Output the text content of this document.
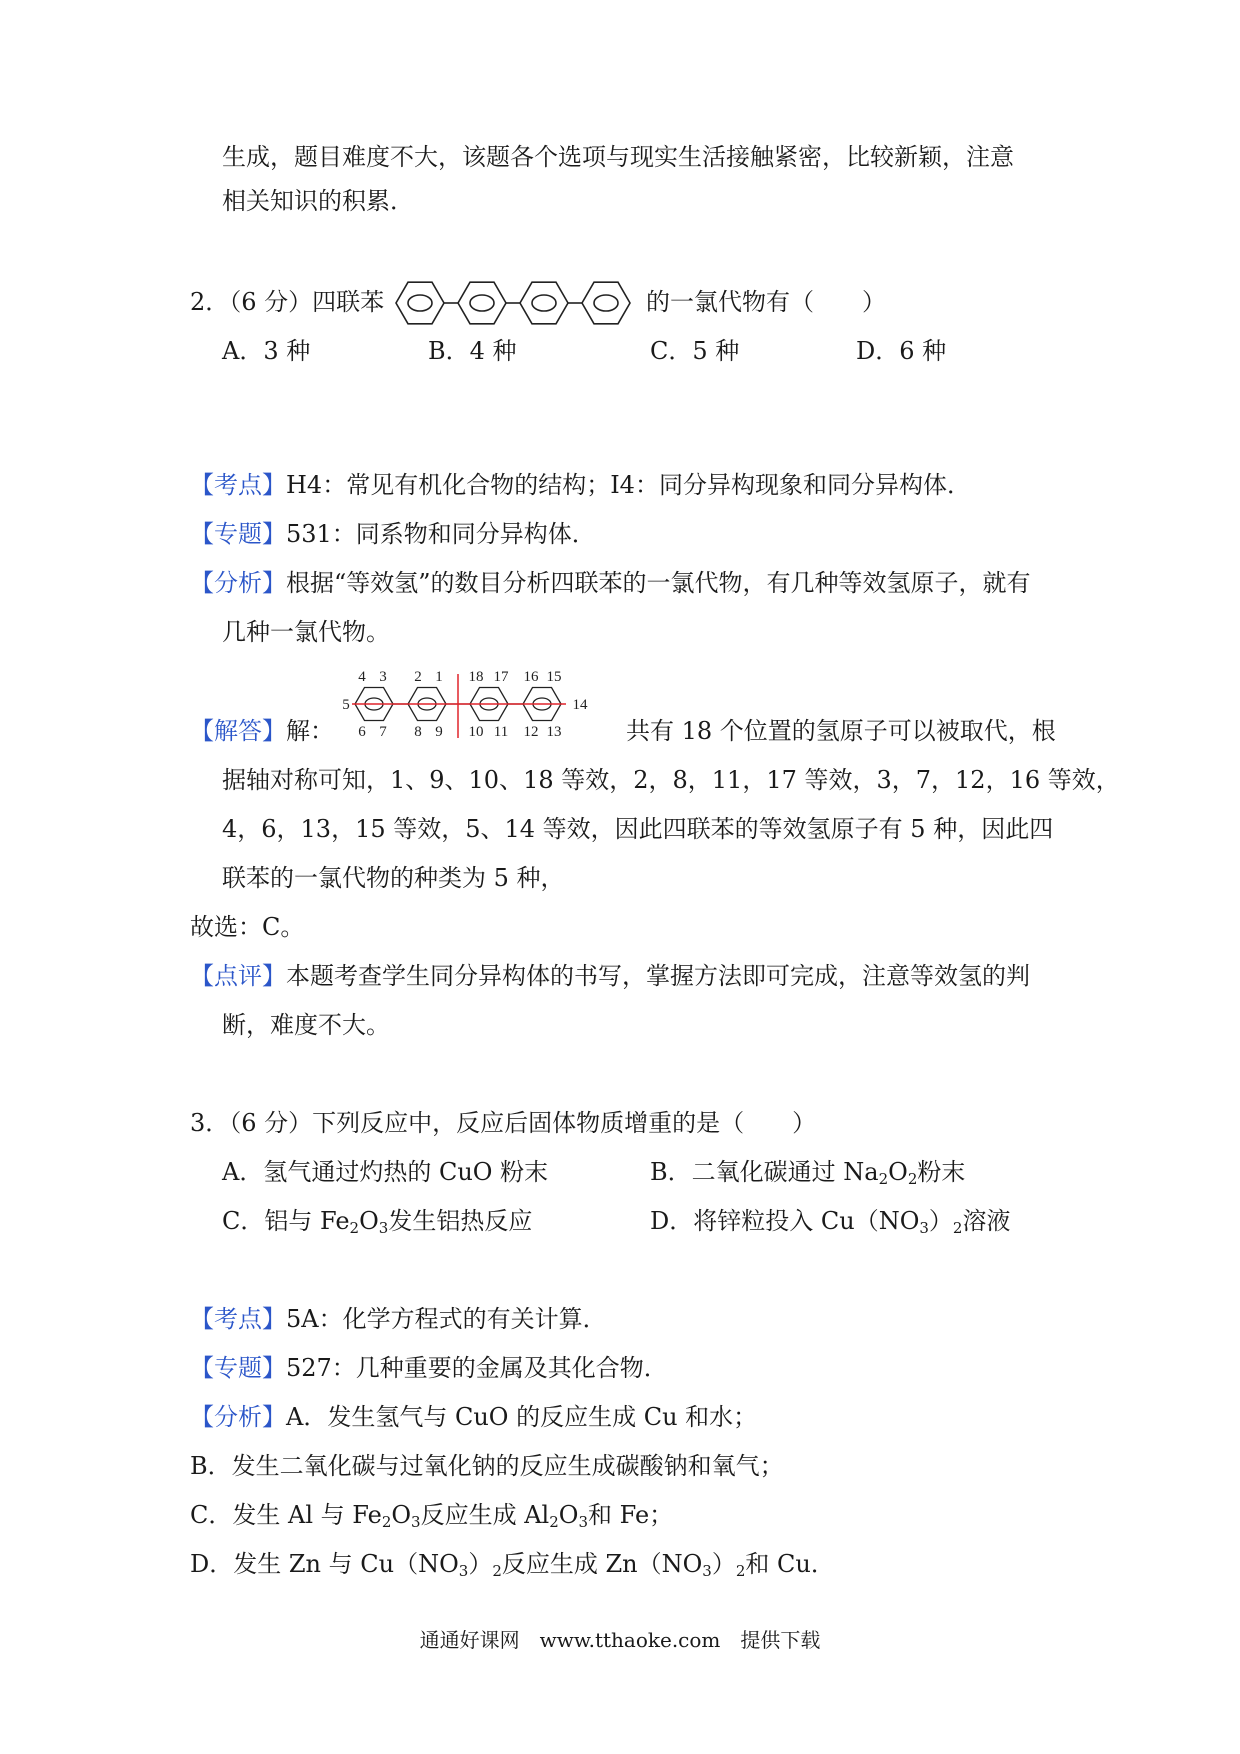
生成，题目难度不大，该题各个选项与现实生活接触紧密，比较新颖，注意
相关知识的积累．
2．（6 分）四联苯	的一氯代物有（　　）
A．3 种	B．4 种	C．5 种	D．6 种
【考点】H4：常见有机化合物的结构；I4：同分异构现象和同分异构体．
【专题】531：同系物和同分异构体．
【分析】根据“等效氢”的数目分析四联苯的一氯代物，有几种等效氢原子，就有
几种一氯代物。
【解答】解：
4 3 2 1 18 17 16 15
6 7 8 9 10 11 12 13
5	14
共有 18 个位置的氢原子可以被取代，根
据轴对称可知，1、9、10、18 等效，2，8，11，17 等效，3，7，12，16 等效，
4，6，13，15 等效，5、14 等效，因此四联苯的等效氢原子有 5 种，因此四
联苯的一氯代物的种类为 5 种，
故选：C。
【点评】本题考查学生同分异构体的书写，掌握方法即可完成，注意等效氢的判
断，难度不大。
3．（6 分）下列反应中，反应后固体物质增重的是（　　）
A．氢气通过灼热的 CuO 粉末	B．二氧化碳通过 $Na_2O_2$粉末
C．铝与 $Fe_2O_3$发生铝热反应	D．将锌粒投入 $Cu(NO_3)_2$溶液
【考点】5A：化学方程式的有关计算．
【专题】527：几种重要的金属及其化合物．
【分析】A．发生氢气与 CuO 的反应生成 Cu 和水；
B．发生二氧化碳与过氧化钠的反应生成碳酸钠和氧气；
C．发生 Al 与 $Fe_2O_3$反应生成 $Al_2O_3$和 Fe；
D．发生 Zn 与 $Cu(NO_3)_2$反应生成 $Zn(NO_3)_2$和 Cu．
通通好课网　www.tthaoke.com　提供下载
